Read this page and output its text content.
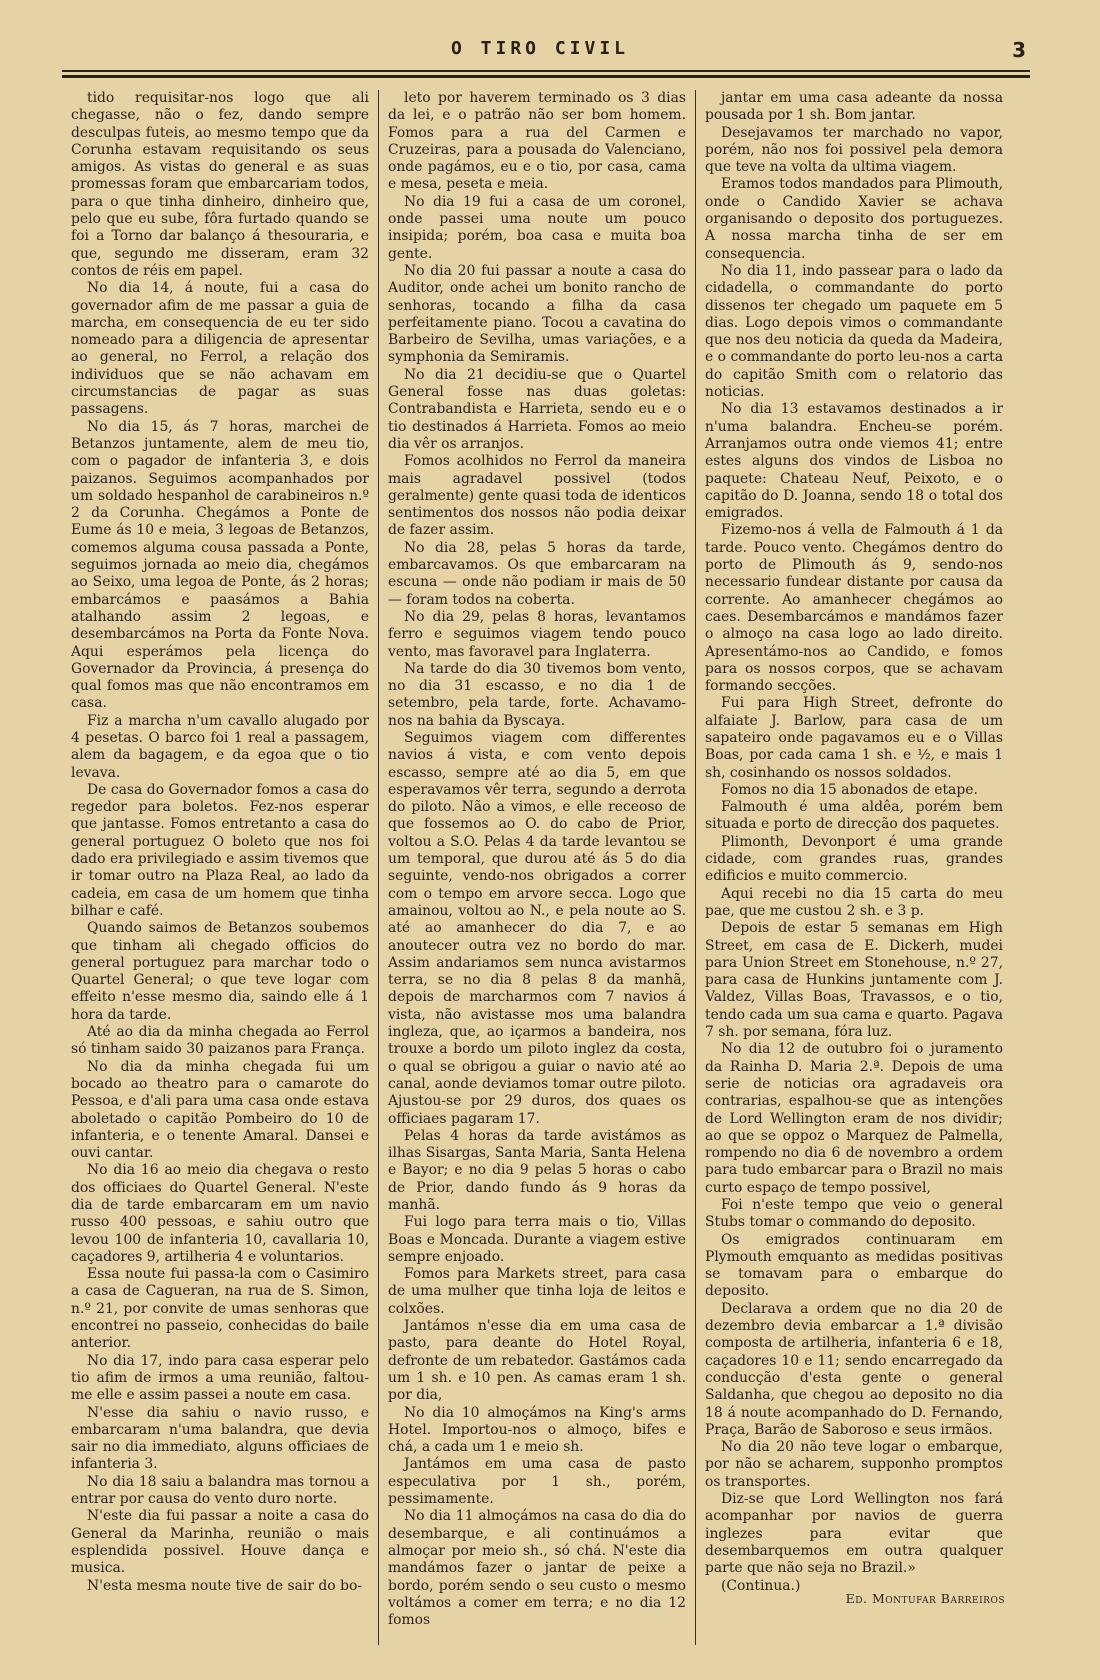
O TIRO CIVIL	3

tido requisitar-nos logo que ali chegasse, não o fez, dando sempre desculpas futeis, ao mesmo tempo que da Corunha estavam requisitando os seus amigos. As vistas do general e as suas promessas foram que embarcariam todos, para o que tinha dinheiro, dinheiro que, pelo que eu sube, fôra furtado quando se foi a Torno dar balanço á thesouraria, e que, segundo me disseram, eram 32 contos de réis em papel.

No dia 14, á noute, fui a casa do governador afim de me passar a guia de marcha, em consequencia de eu ter sido nomeado para a diligencia de apresentar ao general, no Ferrol, a relação dos individuos que se não achavam em circumstancias de pagar as suas passagens.

No dia 15, ás 7 horas, marchei de Betanzos juntamente, alem de meu tio, com o pagador de infanteria 3, e dois paizanos. Seguimos acompanhados por um soldado hespanhol de carabineiros n.º 2 da Corunha. Chegámos a Ponte de Eume ás 10 e meia, 3 legoas de Betanzos, comemos alguma cousa passada a Ponte, seguimos jornada ao meio dia, chegámos ao Seixo, uma legoa de Ponte, ás 2 horas; embarcámos e paasámos a Bahia atalhando assim 2 legoas, e desembarcámos na Porta da Fonte Nova. Aqui esperámos pela licença do Governador da Provincia, á presença do qual fomos mas que não encontramos em casa.

Fiz a marcha n'um cavallo alugado por 4 pesetas. O barco foi 1 real a passagem, alem da bagagem, e da egoa que o tio levava.

De casa do Governador fomos a casa do regedor para boletos. Fez-nos esperar que jantasse. Fomos entretanto a casa do general portuguez O boleto que nos foi dado era privilegiado e assim tivemos que ir tomar outro na Plaza Real, ao lado da cadeia, em casa de um homem que tinha bilhar e café.

Quando saimos de Betanzos soubemos que tinham ali chegado officios do general portuguez para marchar todo o Quartel General; o que teve logar com effeito n'esse mesmo dia, saindo elle á 1 hora da tarde.

Até ao dia da minha chegada ao Ferrol só tinham saido 30 paizanos para França.

No dia da minha chegada fui um bocado ao theatro para o camarote do Pessoa, e d'ali para uma casa onde estava aboletado o capitão Pombeiro do 10 de infanteria, e o tenente Amaral. Dansei e ouvi cantar.

No dia 16 ao meio dia chegava o resto dos officiaes do Quartel General. N'este dia de tarde embarcaram em um navio russo 400 pessoas, e sahiu outro que levou 100 de infanteria 10, cavallaria 10, caçadores 9, artilheria 4 e voluntarios.

Essa noute fui passa-la com o Casimiro a casa de Cagueran, na rua de S. Simon, n.º 21, por convite de umas senhoras que encontrei no passeio, conhecidas do baile anterior.

No dia 17, indo para casa esperar pelo tio afim de irmos a uma reunião, faltou-me elle e assim passei a noute em casa.

N'esse dia sahiu o navio russo, e embarcaram n'uma balandra, que devia sair no dia immediato, alguns officiaes de infanteria 3.

No dia 18 saiu a balandra mas tornou a entrar por causa do vento duro norte.

N'este dia fui passar a noite a casa do General da Marinha, reunião o mais esplendida possivel. Houve dança e musica.

N'esta mesma noute tive de sair do bo-

leto por haverem terminado os 3 dias da lei, e o patrão não ser bom homem. Fomos para a rua del Carmen e Cruzeiras, para a pousada do Valenciano, onde pagámos, eu e o tio, por casa, cama e mesa, peseta e meia.

No dia 19 fui a casa de um coronel, onde passei uma noute um pouco insipida; porém, boa casa e muita boa gente.

No dia 20 fui passar a noute a casa do Auditor, onde achei um bonito rancho de senhoras, tocando a filha da casa perfeitamente piano. Tocou a cavatina do Barbeiro de Sevilha, umas variações, e a symphonia da Semiramis.

No dia 21 decidiu-se que o Quartel General fosse nas duas goletas: Contrabandista e Harrieta, sendo eu e o tio destinados á Harrieta. Fomos ao meio dia vêr os arranjos.

Fomos acolhidos no Ferrol da maneira mais agradavel possivel (todos geralmente) gente quasi toda de identicos sentimentos dos nossos não podia deixar de fazer assim.

No dia 28, pelas 5 horas da tarde, embarcavamos. Os que embarcaram na escuna — onde não podiam ir mais de 50 — foram todos na coberta.

No dia 29, pelas 8 horas, levantamos ferro e seguimos viagem tendo pouco vento, mas favoravel para Inglaterra.

Na tarde do dia 30 tivemos bom vento, no dia 31 escasso, e no dia 1 de setembro, pela tarde, forte. Achavamo-nos na bahia da Byscaya.

Seguimos viagem com differentes navios á vista, e com vento depois escasso, sempre até ao dia 5, em que esperavamos vêr terra, segundo a derrota do piloto. Não a vimos, e elle receoso de que fossemos ao O. do cabo de Prior, voltou a S.O. Pelas 4 da tarde levantou se um temporal, que durou até ás 5 do dia seguinte, vendo-nos obrigados a correr com o tempo em arvore secca. Logo que amainou, voltou ao N., e pela noute ao S. até ao amanhecer do dia 7, e ao anoutecer outra vez no bordo do mar. Assim andariamos sem nunca avistarmos terra, se no dia 8 pelas 8 da manhã, depois de marcharmos com 7 navios á vista, não avistasse mos uma balandra ingleza, que, ao içarmos a bandeira, nos trouxe a bordo um piloto inglez da costa, o qual se obrigou a guiar o navio até ao canal, aonde deviamos tomar outre piloto. Ajustou-se por 29 duros, dos quaes os officiaes pagaram 17.

Pelas 4 horas da tarde avistámos as ilhas Sisargas, Santa Maria, Santa Helena e Bayor; e no dia 9 pelas 5 horas o cabo de Prior, dando fundo ás 9 horas da manhã.

Fui logo para terra mais o tio, Villas Boas e Moncada. Durante a viagem estive sempre enjoado.

Fomos para Markets street, para casa de uma mulher que tinha loja de leitos e colxões.

Jantámos n'esse dia em uma casa de pasto, para deante do Hotel Royal, defronte de um rebatedor. Gastámos cada um 1 sh. e 10 pen. As camas eram 1 sh. por dia,

No dia 10 almoçámos na King's arms Hotel. Importou-nos o almoço, bifes e chá, a cada um 1 e meio sh.

Jantámos em uma casa de pasto especulativa por 1 sh., porém, pessimamente.

No dia 11 almoçámos na casa do dia do desembarque, e ali continuámos a almoçar por meio sh., só chá. N'este dia mandámos fazer o jantar de peixe a bordo, porém sendo o seu custo o mesmo voltámos a comer em terra; e no dia 12 fomos

jantar em uma casa adeante da nossa pousada por 1 sh. Bom jantar.

Desejavamos ter marchado no vapor, porém, não nos foi possivel pela demora que teve na volta da ultima viagem.

Eramos todos mandados para Plimouth, onde o Candido Xavier se achava organisando o deposito dos portuguezes. A nossa marcha tinha de ser em consequencia.

No dia 11, indo passear para o lado da cidadella, o commandante do porto dissenos ter chegado um paquete em 5 dias. Logo depois vimos o commandante que nos deu noticia da queda da Madeira, e o commandante do porto leu-nos a carta do capitão Smith com o relatorio das noticias.

No dia 13 estavamos destinados a ir n'uma balandra. Encheu-se porém. Arranjamos outra onde viemos 41; entre estes alguns dos vindos de Lisboa no paquete: Chateau Neuf, Peixoto, e o capitão do D. Joanna, sendo 18 o total dos emigrados.

Fizemo-nos á vella de Falmouth á 1 da tarde. Pouco vento. Chegámos dentro do porto de Plimouth ás 9, sendo-nos necessario fundear distante por causa da corrente. Ao amanhecer chegámos ao caes. Desembarcámos e mandámos fazer o almoço na casa logo ao lado direito. Apresentámo-nos ao Candido, e fomos para os nossos corpos, que se achavam formando secções.

Fui para High Street, defronte do alfaiate J. Barlow, para casa de um sapateiro onde pagavamos eu e o Villas Boas, por cada cama 1 sh. e ½, e mais 1 sh, cosinhando os nossos soldados.

Fomos no dia 15 abonados de etape.

Falmouth é uma aldêa, porém bem situada e porto de direcção dos paquetes.

Plimonth, Devonport é uma grande cidade, com grandes ruas, grandes edificios e muito commercio.

Aqui recebi no dia 15 carta do meu pae, que me custou 2 sh. e 3 p.

Depois de estar 5 semanas em High Street, em casa de E. Dickerh, mudei para Union Street em Stonehouse, n.º 27, para casa de Hunkins juntamente com J. Valdez, Villas Boas, Travassos, e o tio, tendo cada um sua cama e quarto. Pagava 7 sh. por semana, fóra luz.

No dia 12 de outubro foi o juramento da Rainha D. Maria 2.ª. Depois de uma serie de noticias ora agradaveis ora contrarias, espalhou-se que as intenções de Lord Wellington eram de nos dividir; ao que se oppoz o Marquez de Palmella, rompendo no dia 6 de novembro a ordem para tudo embarcar para o Brazil no mais curto espaço de tempo possivel,

Foi n'este tempo que veio o general Stubs tomar o commando do deposito.

Os emigrados continuaram em Plymouth emquanto as medidas positivas se tomavam para o embarque do deposito.

Declarava a ordem que no dia 20 de dezembro devia embarcar a 1.ª divisão composta de artilheria, infanteria 6 e 18, caçadores 10 e 11; sendo encarregado da conducção d'esta gente o general Saldanha, que chegou ao deposito no dia 18 á noute acompanhado do D. Fernando, Praça, Barão de Saboroso e seus irmãos.

No dia 20 não teve logar o embarque, por não se acharem, supponho promptos os transportes.

Diz-se que Lord Wellington nos fará acompanhar por navios de guerra inglezes para evitar que desembarquemos em outra qualquer parte que não seja no Brazil.»

(Continua.)

Ed. Montufar Barreiros
